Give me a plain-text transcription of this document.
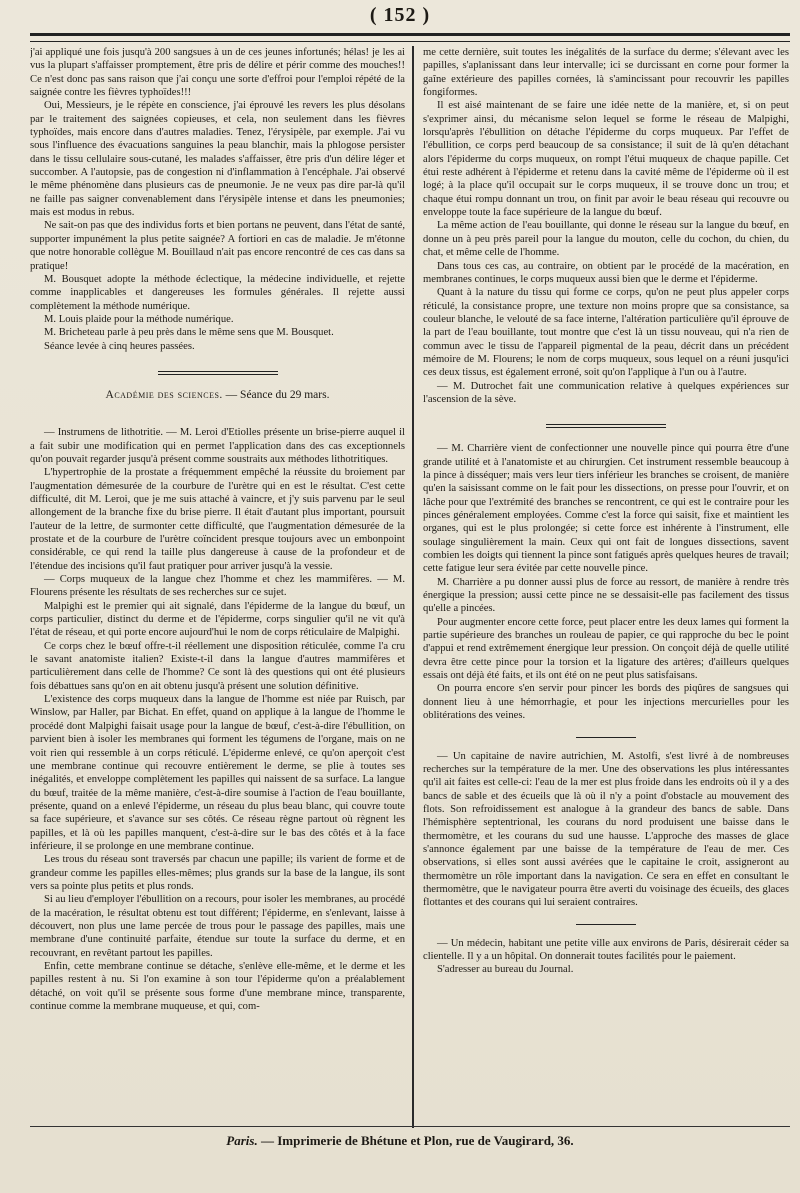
( 152 )

j'ai appliqué une fois jusqu'à 200 sangsues à un de ces jeunes infortunés; hélas! je les ai vus la plupart s'affaisser promptement, être pris de délire et périr comme des mouches!! Ce n'est donc pas sans raison que j'ai conçu une sorte d'effroi pour l'emploi répété de la saignée contre les fièvres typhoïdes!!!

Oui, Messieurs, je le répète en conscience, j'ai éprouvé les revers les plus désolans par le traitement des saignées copieuses, et cela, non seulement dans les fièvres typhoïdes, mais encore dans d'autres maladies. Tenez, l'érysipèle, par exemple. J'ai vu sous l'influence des évacuations sanguines la peau blanchir, mais la phlogose persister dans le tissu cellulaire sous-cutané, les malades s'affaisser, être pris d'un délire léger et succomber. A l'autopsie, pas de congestion ni d'inflammation à l'encéphale. J'ai observé le même phénomène dans plusieurs cas de pneumonie. Je ne veux pas dire par-là qu'il ne faille pas saigner convenablement dans l'érysipèle intense et dans les pneumonies; mais est modus in rebus.

Ne sait-on pas que des individus forts et bien portans ne peuvent, dans l'état de santé, supporter impunément la plus petite saignée? A fortiori en cas de maladie. Je m'étonne que notre honorable collègue M. Bouillaud n'ait pas encore rencontré de ces cas dans sa pratique!

M. Bousquet adopte la méthode éclectique, la médecine individuelle, et rejette comme inapplicables et dangereuses les formules générales. Il rejette aussi complètement la méthode numérique.

M. Louis plaide pour la méthode numérique.

M. Bricheteau parle à peu près dans le même sens que M. Bousquet.

Séance levée à cinq heures passées.

Académie des sciences. — Séance du 29 mars.

— Instrumens de lithotritie. — M. Leroi d'Etiolles présente un brise-pierre auquel il a fait subir une modification qui en permet l'application dans des cas exceptionnels qu'on pouvait regarder jusqu'à présent comme soustraits aux méthodes lithotritiques.

L'hypertrophie de la prostate a fréquemment empêché la réussite du broiement par l'augmentation démesurée de la courbure de l'urètre qui en est le résultat. C'est cette difficulté, dit M. Leroi, que je me suis attaché à vaincre, et j'y suis parvenu par le seul allongement de la branche fixe du brise pierre. Il était d'autant plus important, poursuit l'auteur de la lettre, de surmonter cette difficulté, que l'augmentation démesurée de la prostate et de la courbure de l'urètre coïncident presque toujours avec un embonpoint considérable, ce qui rend la taille plus dangereuse à cause de la profondeur et de l'étendue des incisions qu'il faut pratiquer pour arriver jusqu'à la vessie.

— Corps muqueux de la langue chez l'homme et chez les mammifères. — M. Flourens présente les résultats de ses recherches sur ce sujet.

Malpighi est le premier qui ait signalé, dans l'épiderme de la langue du bœuf, un corps particulier, distinct du derme et de l'épiderme, corps singulier qu'il ne vit qu'à l'état de réseau, et qui porte encore aujourd'hui le nom de corps réticulaire de Malpighi.

Ce corps chez le bœuf offre-t-il réellement une disposition réticulée, comme l'a cru le savant anatomiste italien? Existe-t-il dans la langue d'autres mammifères et particulièrement dans celle de l'homme? Ce sont là des questions qui ont été plusieurs fois débattues sans qu'on en ait obtenu jusqu'à présent une solution définitive.

L'existence des corps muqueux dans la langue de l'homme est niée par Ruisch, par Winslow, par Haller, par Bichat. En effet, quand on applique à la langue de l'homme le procédé dont Malpighi faisait usage pour la langue de bœuf, c'est-à-dire l'ébullition, on parvient bien à isoler les membranes qui forment les tégumens de l'organe, mais on ne voit rien qui ressemble à un corps réticulé. L'épiderme enlevé, ce qu'on aperçoit c'est une membrane continue qui recouvre entièrement le derme, se plie à toutes ses inégalités, et enveloppe complètement les papilles qui naissent de sa surface. La langue du bœuf, traitée de la même manière, c'est-à-dire soumise à l'action de l'eau bouillante, présente, quand on a enlevé l'épiderme, un réseau du plus beau blanc, qui couvre toute sa face supérieure, et s'avance sur ses côtés. Ce réseau règne partout où règnent les papilles, et là où les papilles manquent, c'est-à-dire sur le bas des côtés et à la face inférieure, il se prolonge en une membrane continue.

Les trous du réseau sont traversés par chacun une papille; ils varient de forme et de grandeur comme les papilles elles-mêmes; plus grands sur la base de la langue, ils sont vers sa pointe plus petits et plus ronds.

Si au lieu d'employer l'ébullition on a recours, pour isoler les membranes, au procédé de la macération, le résultat obtenu est tout différent; l'épiderme, en s'enlevant, laisse à découvert, non plus une lame percée de trous pour le passage des papilles, mais une membrane d'une continuité parfaite, étendue sur toute la surface du derme, et en recouvrant, en revêtant partout les papilles.

Enfin, cette membrane continue se détache, s'enlève elle-même, et le derme et les papilles restent à nu. Si l'on examine à son tour l'épiderme qu'on a préalablement détaché, on voit qu'il se présente sous forme d'une membrane mince, transparente, continue comme la membrane muqueuse, et qui, com-

me cette dernière, suit toutes les inégalités de la surface du derme; s'élevant avec les papilles, s'aplanissant dans leur intervalle; ici se durcissant en corne pour former la gaîne extérieure des papilles cornées, là s'amincissant pour recouvrir les papilles fongiformes.

Il est aisé maintenant de se faire une idée nette de la manière, et, si on peut s'exprimer ainsi, du mécanisme selon lequel se forme le réseau de Malpighi, lorsqu'après l'ébullition on détache l'épiderme du corps muqueux. Par l'effet de l'ébullition, ce corps perd beaucoup de sa consistance; il suit de là qu'en détachant alors l'épiderme du corps muqueux, on rompt l'étui muqueux de chaque papille. Cet étui reste adhérent à l'épiderme et retenu dans la cavité même de l'épiderme où il est logé; à la place qu'il occupait sur le corps muqueux, il se trouve donc un trou; et chaque étui rompu donnant un trou, on finit par avoir le beau réseau qui recouvre ou enveloppe toute la face supérieure de la langue du bœuf.

La même action de l'eau bouillante, qui donne le réseau sur la langue du bœuf, en donne un à peu près pareil pour la langue du mouton, celle du cochon, du chien, du chat, et même celle de l'homme.

Dans tous ces cas, au contraire, on obtient par le procédé de la macération, en membranes continues, le corps muqueux aussi bien que le derme et l'épiderme.

Quant à la nature du tissu qui forme ce corps, qu'on ne peut plus appeler corps réticulé, la consistance propre, une texture non moins propre que sa consistance, sa couleur blanche, le velouté de sa face interne, l'altération particulière qu'il éprouve de la part de l'eau bouillante, tout montre que c'est là un tissu nouveau, qui n'a rien de commun avec le tissu de l'appareil pigmental de la peau, décrit dans un précédent mémoire de M. Flourens; le nom de corps muqueux, sous lequel on a réuni jusqu'ici ces deux tissus, est également erroné, soit qu'on l'applique à l'un ou à l'autre.

— M. Dutrochet fait une communication relative à quelques expériences sur l'ascension de la sève.

— M. Charrière vient de confectionner une nouvelle pince qui pourra être d'une grande utilité et à l'anatomiste et au chirurgien. Cet instrument ressemble beaucoup à la pince à disséquer; mais vers leur tiers inférieur les branches se croisent, de manière qu'en la saisissant comme on le fait pour les dissections, on presse pour l'ouvrir, et on lâche pour que l'extrémité des branches se rencontrent, ce qui est le contraire pour les pinces généralement employées. Comme c'est la force qui saisit, fixe et maintient les organes, qui est le plus prolongée; si cette force est inhérente à l'instrument, elle soulage singulièrement la main. Ceux qui ont fait de longues dissections, savent combien les doigts qui tiennent la pince sont fatigués après quelques heures de travail; cette fatigue leur sera évitée par cette nouvelle pince.

M. Charrière a pu donner aussi plus de force au ressort, de manière à rendre très énergique la pression; aussi cette pince ne se dessaisit-elle pas facilement des tissus qu'elle a pincées.

Pour augmenter encore cette force, peut placer entre les deux lames qui forment la partie supérieure des branches un rouleau de papier, ce qui rapproche du bec le point d'appui et rend extrêmement énergique leur pression. On conçoit déjà de quelle utilité devra être cette pince pour la torsion et la ligature des artères; d'ailleurs quelques essais ont déjà été faits, et ils ont été on ne peut plus satisfaisans.

On pourra encore s'en servir pour pincer les bords des piqûres de sangsues qui donnent lieu à une hémorrhagie, et pour les injections mercurielles pour les oblitérations des veines.

— Un capitaine de navire autrichien, M. Astolfi, s'est livré à de nombreuses recherches sur la température de la mer. Une des observations les plus intéressantes qu'il ait faites est celle-ci: l'eau de la mer est plus froide dans les endroits où il y a des bancs de sable et des écueils que là où il n'y a point d'obstacle au mouvement des flots. Son refroidissement est analogue à la grandeur des bancs de sable. Dans l'hémisphère septentrional, les courans du nord produisent une baisse dans le thermomètre, et les courans du sud une hausse. L'approche des masses de glace s'annonce également par une baisse de la température de l'eau de mer. Ces observations, si elles sont aussi avérées que le capitaine le croit, assigneront au thermomètre un rôle important dans la navigation. Ce sera en effet en consultant le thermomètre, que le navigateur pourra être averti du voisinage des écueils, des glaces flottantes et des courans qui lui seraient contraires.

— Un médecin, habitant une petite ville aux environs de Paris, désirerait céder sa clientelle. Il y a un hôpital. On donnerait toutes facilités pour le paiement.

S'adresser au bureau du Journal.

Paris. — Imprimerie de Bhétune et Plon, rue de Vaugirard, 36.
